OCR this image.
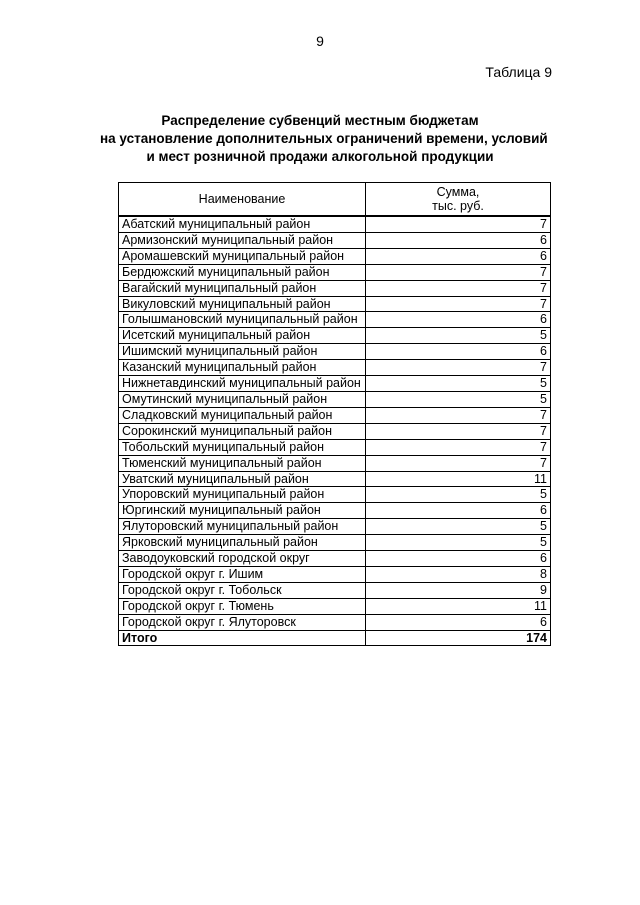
9
Таблица 9
Распределение субвенций местным бюджетам
на установление дополнительных ограничений времени, условий
и мест розничной продажи алкогольной продукции
Наименование	Сумма,
тыс. руб.

Абатский муниципальный район	7
Армизонский муниципальный район	6
Аромашевский муниципальный район	6
Бердюжский муниципальный район	7
Вагайский муниципальный район	7
Викуловский муниципальный район	7
Голышмановский муниципальный район	6
Исетский муниципальный район	5
Ишимский муниципальный район	6
Казанский муниципальный район	7
Нижнетавдинский муниципальный район	5
Омутинский муниципальный район	5
Сладковский муниципальный район	7
Сорокинский муниципальный район	7
Тобольский муниципальный район	7
Тюменский муниципальный район	7
Уватский муниципальный район	11
Упоровский муниципальный район	5
Юргинский муниципальный район	6
Ялуторовский муниципальный район	5
Ярковский муниципальный район	5
Заводоуковский городской округ	6
Городской округ г. Ишим	8
Городской округ г. Тобольск	9
Городской округ г. Тюмень	11
Городской округ г. Ялуторовск	6
Итого	174
